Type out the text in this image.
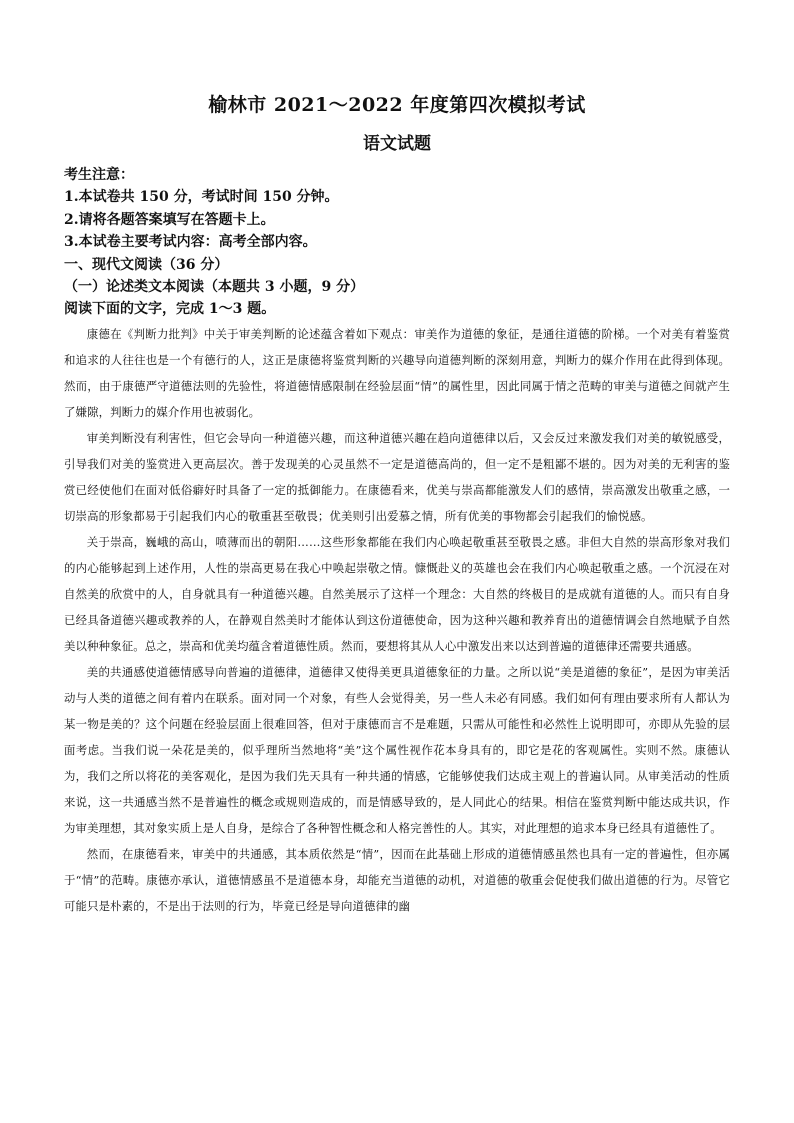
榆林市 2021～2022 年度第四次模拟考试
语文试题

考生注意：

1.本试卷共 150 分，考试时间 150 分钟。

2.请将各题答案填写在答题卡上。

3.本试卷主要考试内容：高考全部内容。

一、现代文阅读（36 分）

（一）论述类文本阅读（本题共 3 小题，9 分）

阅读下面的文字，完成 1～3 题。

康德在《判断力批判》中关于审美判断的论述蕴含着如下观点：审美作为道德的象征，是通往道德的阶梯。一个对美有着鉴赏和追求的人往往也是一个有德行的人，这正是康德将鉴赏判断的兴趣导向道德判断的深刻用意，判断力的媒介作用在此得到体现。然而，由于康德严守道德法则的先验性，将道德情感限制在经验层面“情”的属性里，因此同属于情之范畴的审美与道德之间就产生了嫌隙，判断力的媒介作用也被弱化。

审美判断没有利害性，但它会导向一种道德兴趣，而这种道德兴趣在趋向道德律以后，又会反过来激发我们对美的敏锐感受，引导我们对美的鉴赏进入更高层次。善于发现美的心灵虽然不一定是道德高尚的，但一定不是粗鄙不堪的。因为对美的无利害的鉴赏已经使他们在面对低俗癖好时具备了一定的抵御能力。在康德看来，优美与崇高都能激发人们的感情，崇高激发出敬重之感，一切崇高的形象都易于引起我们内心的敬重甚至敬畏；优美则引出爱慕之情，所有优美的事物都会引起我们的愉悦感。

关于崇高，巍峨的高山，喷薄而出的朝阳……这些形象都能在我们内心唤起敬重甚至敬畏之感。非但大自然的崇高形象对我们的内心能够起到上述作用，人性的崇高更易在我心中唤起崇敬之情。慷慨赴义的英雄也会在我们内心唤起敬重之感。一个沉浸在对自然美的欣赏中的人，自身就具有一种道德兴趣。自然美展示了这样一个理念：大自然的终极目的是成就有道德的人。而只有自身已经具备道德兴趣或教养的人，在静观自然美时才能体认到这份道德使命，因为这种兴趣和教养育出的道德情调会自然地赋予自然美以种种象征。总之，崇高和优美均蕴含着道德性质。然而，要想将其从人心中激发出来以达到普遍的道德律还需要共通感。

美的共通感使道德情感导向普遍的道德律，道德律又使得美更具道德象征的力量。之所以说“美是道德的象征”，是因为审美活动与人类的道德之间有着内在联系。面对同一个对象，有些人会觉得美，另一些人未必有同感。我们如何有理由要求所有人都认为某一物是美的？这个问题在经验层面上很难回答，但对于康德而言不是难题，只需从可能性和必然性上说明即可，亦即从先验的层面考虑。当我们说一朵花是美的，似乎理所当然地将“美”这个属性视作花本身具有的，即它是花的客观属性。实则不然。康德认为，我们之所以将花的美客观化，是因为我们先天具有一种共通的情感，它能够使我们达成主观上的普遍认同。从审美活动的性质来说，这一共通感当然不是普遍性的概念或规则造成的，而是情感导致的，是人同此心的结果。相信在鉴赏判断中能达成共识，作为审美理想，其对象实质上是人自身，是综合了各种智性概念和人格完善性的人。其实，对此理想的追求本身已经具有道德性了。

然而，在康德看来，审美中的共通感，其本质依然是“情”，因而在此基础上形成的道德情感虽然也具有一定的普遍性，但亦属于“情”的范畴。康德亦承认，道德情感虽不是道德本身，却能充当道德的动机，对道德的敬重会促使我们做出道德的行为。尽管它可能只是朴素的，不是出于法则的行为，毕竟已经是导向道德律的幽
